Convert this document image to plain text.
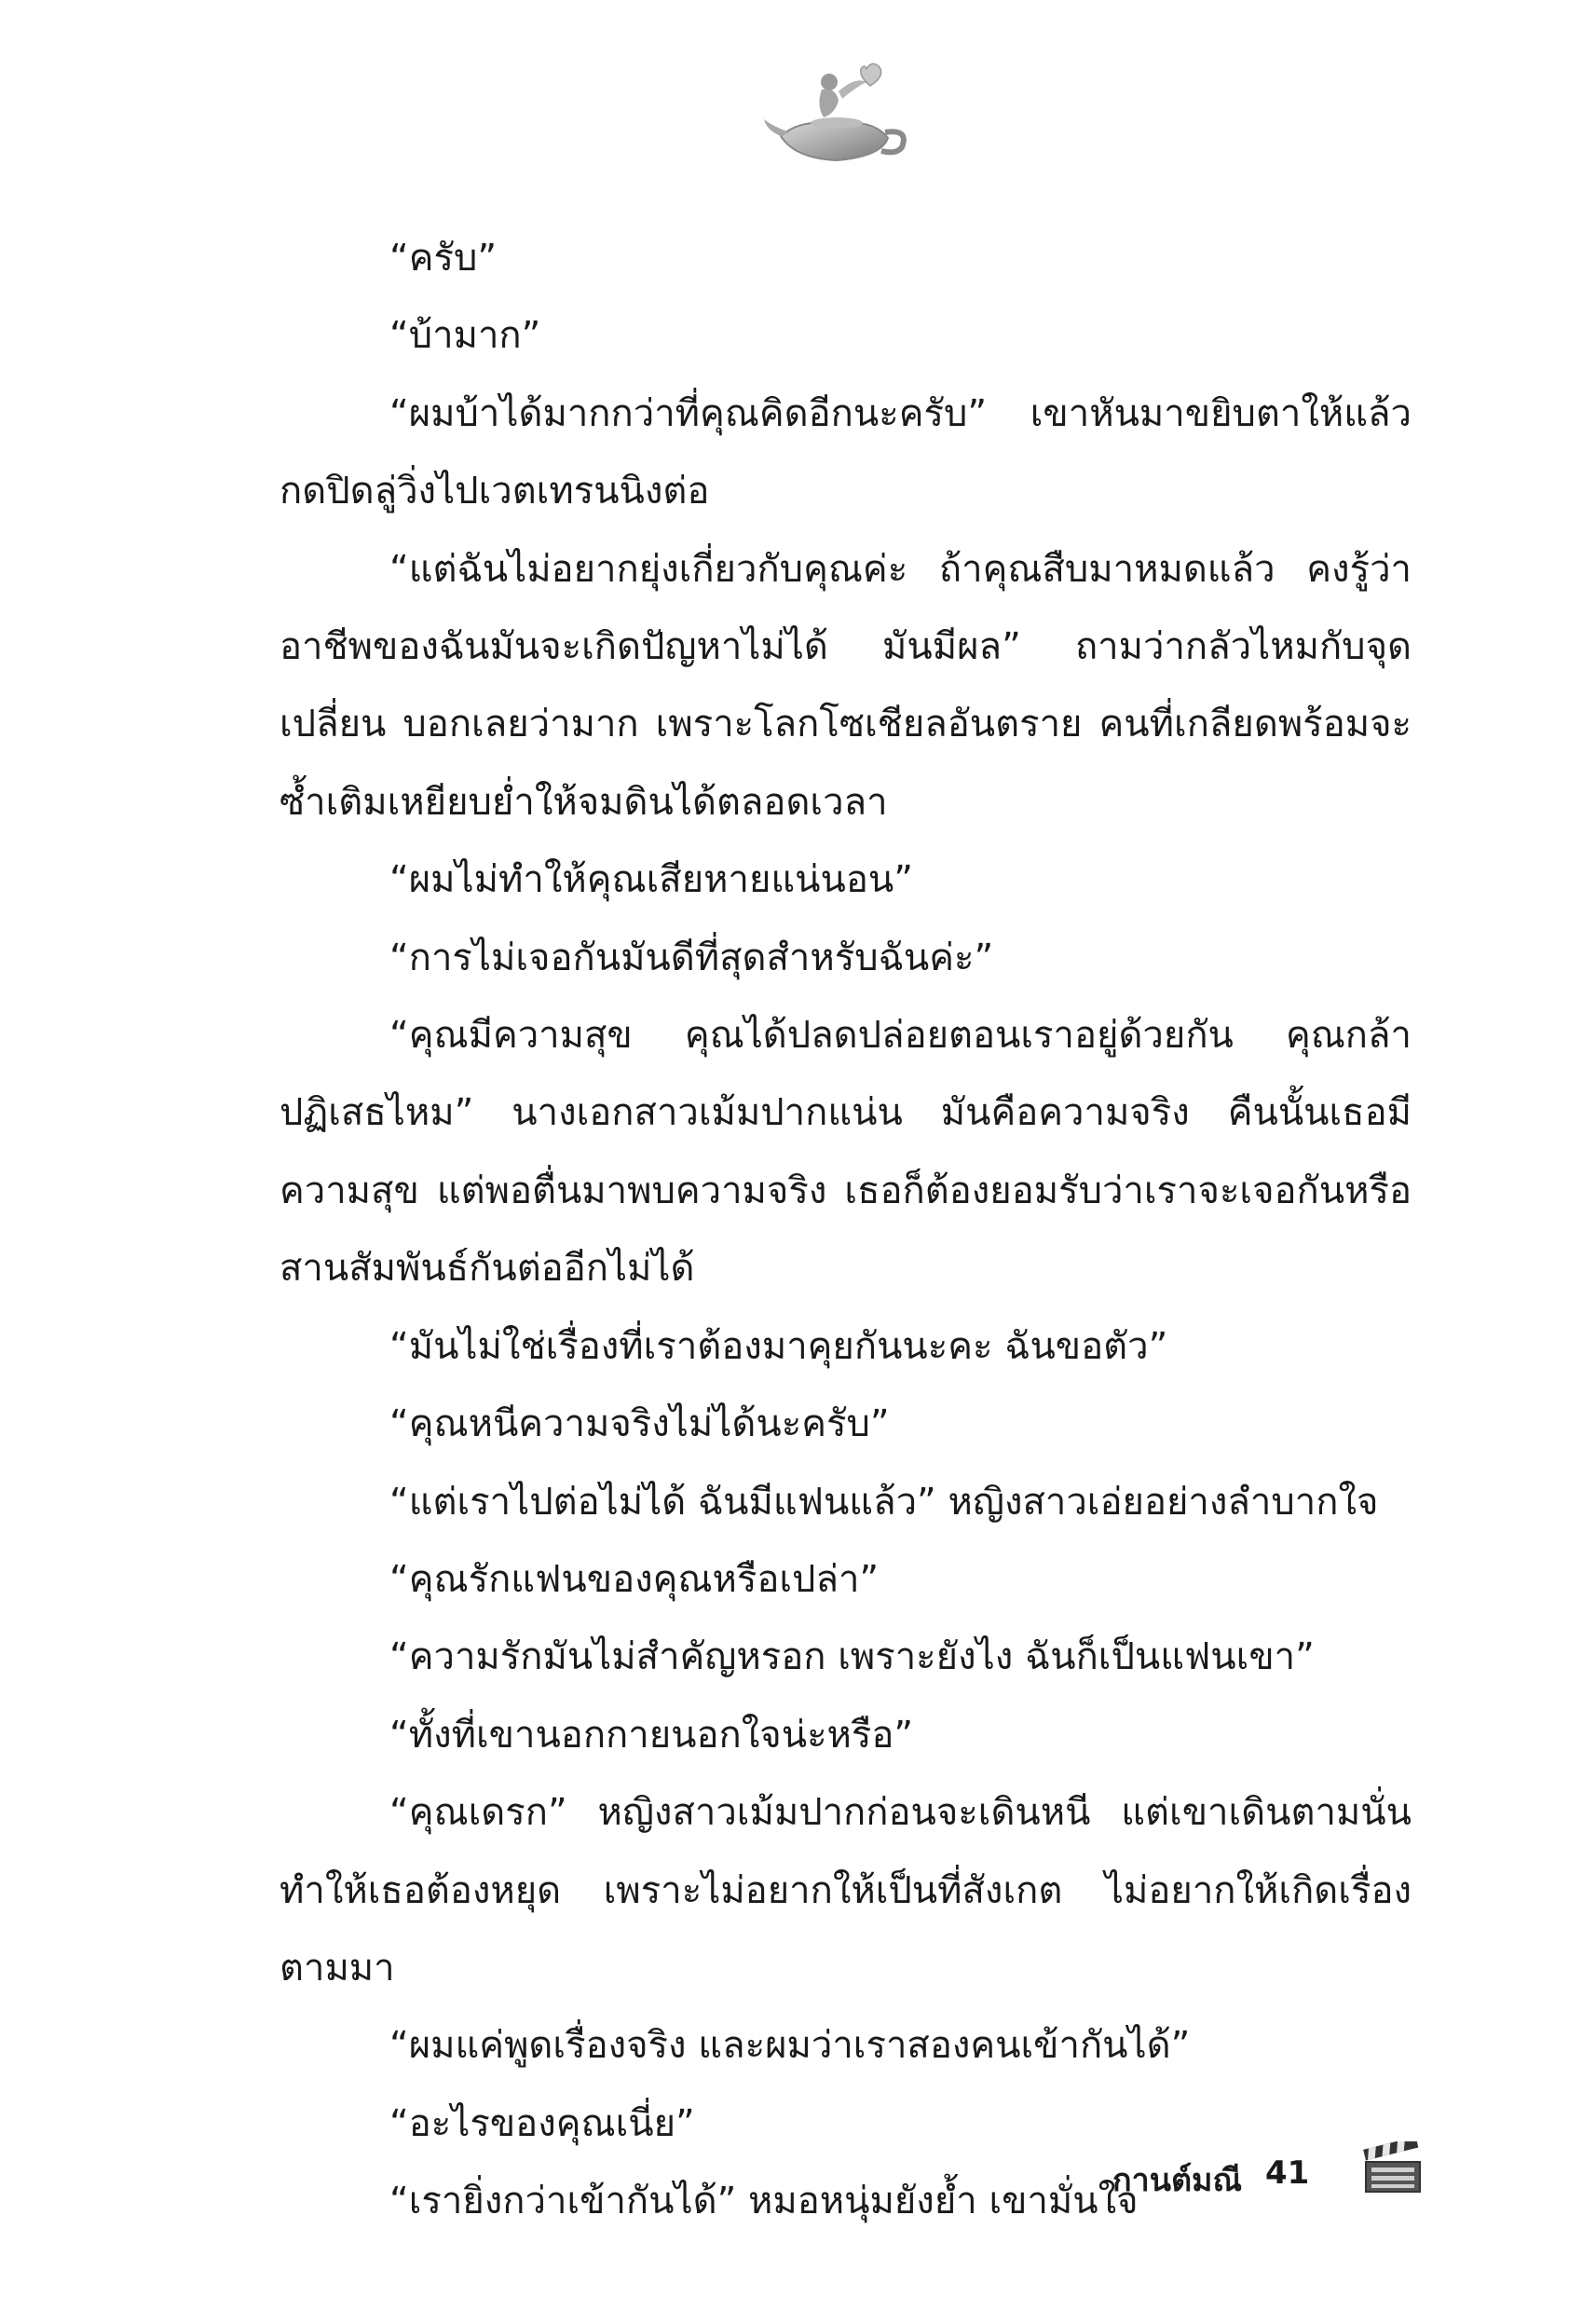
“ครับ”

“บ้ามาก”

“ผมบ้าได้มากกว่าที่คุณคิดอีกนะครับ” เขาหันมาขยิบตาให้แล้วกดปิดลู่วิ่งไปเวตเทรนนิงต่อ

“แต่ฉันไม่อยากยุ่งเกี่ยวกับคุณค่ะ ถ้าคุณสืบมาหมดแล้ว คงรู้ว่าอาชีพของฉันมันจะเกิดปัญหาไม่ได้ มันมีผล” ถามว่ากลัวไหมกับจุดเปลี่ยน บอกเลยว่ามาก เพราะโลกโซเชียลอันตราย คนที่เกลียดพร้อมจะซ้ำเติมเหยียบย่ำให้จมดินได้ตลอดเวลา

“ผมไม่ทำให้คุณเสียหายแน่นอน”

“การไม่เจอกันมันดีที่สุดสำหรับฉันค่ะ”

“คุณมีความสุข คุณได้ปลดปล่อยตอนเราอยู่ด้วยกัน คุณกล้าปฏิเสธไหม” นางเอกสาวเม้มปากแน่น มันคือความจริง คืนนั้นเธอมีความสุข แต่พอตื่นมาพบความจริง เธอก็ต้องยอมรับว่าเราจะเจอกันหรือสานสัมพันธ์กันต่ออีกไม่ได้

“มันไม่ใช่เรื่องที่เราต้องมาคุยกันนะคะ ฉันขอตัว”

“คุณหนีความจริงไม่ได้นะครับ”

“แต่เราไปต่อไม่ได้ ฉันมีแฟนแล้ว” หญิงสาวเอ่ยอย่างลำบากใจ

“คุณรักแฟนของคุณหรือเปล่า”

“ความรักมันไม่สำคัญหรอก เพราะยังไง ฉันก็เป็นแฟนเขา”

“ทั้งที่เขานอกกายนอกใจน่ะหรือ”

“คุณเดรก” หญิงสาวเม้มปากก่อนจะเดินหนี แต่เขาเดินตามนั่นทำให้เธอต้องหยุด เพราะไม่อยากให้เป็นที่สังเกต ไม่อยากให้เกิดเรื่องตามมา

“ผมแค่พูดเรื่องจริง และผมว่าเราสองคนเข้ากันได้”

“อะไรของคุณเนี่ย”

“เรายิ่งกว่าเข้ากันได้” หมอหนุ่มยังย้ำ เขามั่นใจ

กานต์มณี 41
